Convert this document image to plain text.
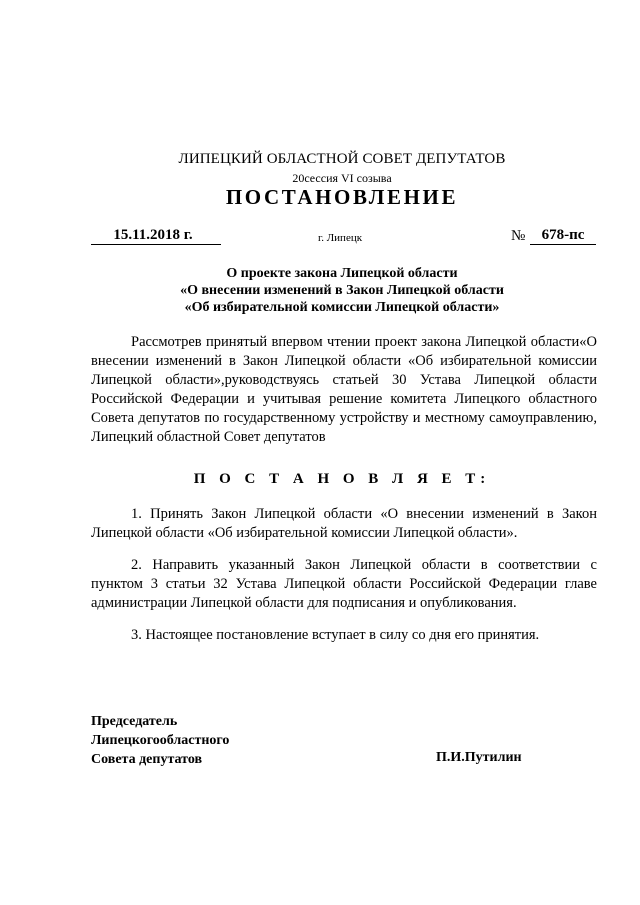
ЛИПЕЦКИЙ ОБЛАСТНОЙ СОВЕТ ДЕПУТАТОВ
20сессия VI созыва
ПОСТАНОВЛЕНИЕ
15.11.2018 г.	г. Липецк	№	678-пс
О проекте закона Липецкой области
«О внесении изменений в Закон Липецкой области
«Об избирательной комиссии Липецкой области»
Рассмотрев принятый впервом чтении проект закона Липецкой области«О внесении изменений в Закон Липецкой области «Об избирательной комиссии Липецкой области»,руководствуясь статьей 30 Устава Липецкой области Российской Федерации и учитывая решение комитета Липецкого областного Совета депутатов по государственному устройству и местному самоуправлению, Липецкий областной Совет депутатов
П О С Т А Н О В Л Я Е Т:
1. Принять Закон Липецкой области «О внесении изменений в Закон Липецкой области «Об избирательной комиссии Липецкой области».
2. Направить указанный Закон Липецкой области в соответствии с пунктом 3 статьи 32 Устава Липецкой области Российской Федерации главе администрации Липецкой области для подписания и опубликования.
3. Настоящее постановление вступает в силу со дня его принятия.
Председатель
Липецкогообластного
Совета депутатов	П.И.Путилин
